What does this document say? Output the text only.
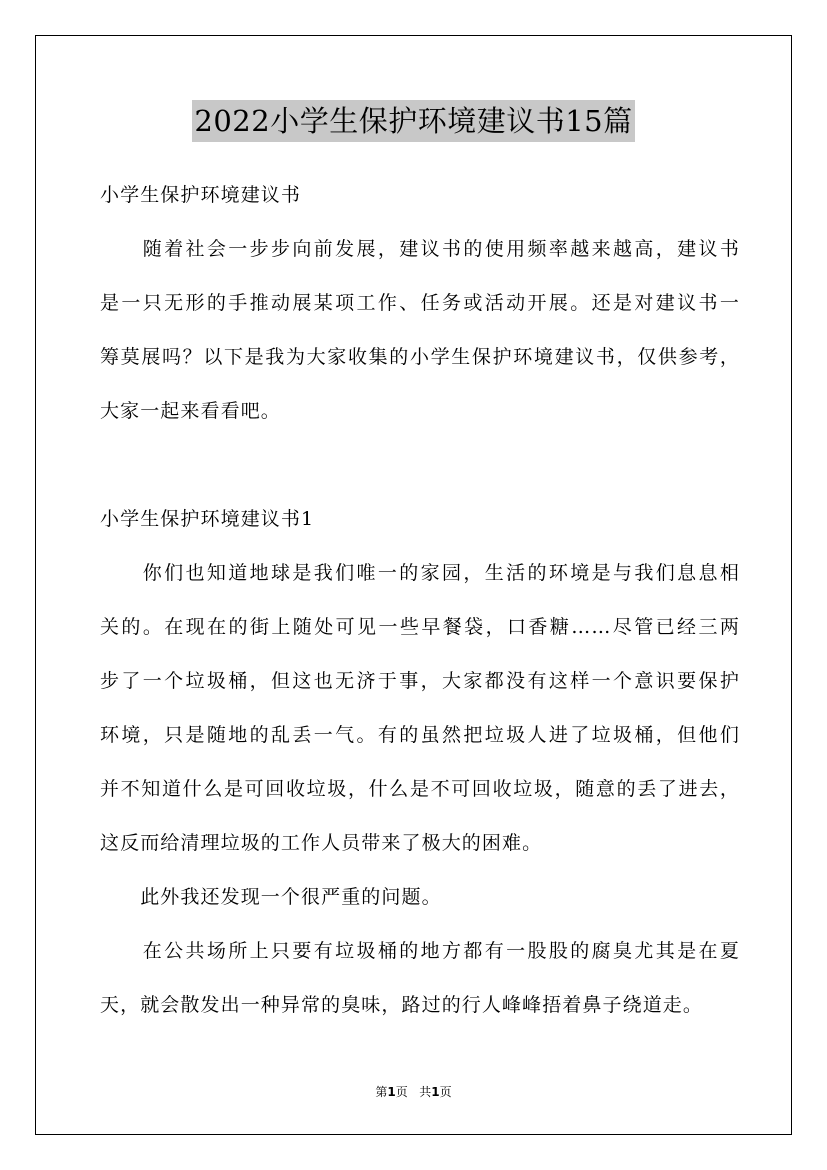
2022小学生保护环境建议书15篇
小学生保护环境建议书
　　随着社会一步步向前发展，建议书的使用频率越来越高，建议书
是一只无形的手推动展某项工作、任务或活动开展。还是对建议书一
筹莫展吗？以下是我为大家收集的小学生保护环境建议书，仅供参考，
大家一起来看看吧。
小学生保护环境建议书1
　　你们也知道地球是我们唯一的家园，生活的环境是与我们息息相
关的。在现在的街上随处可见一些早餐袋，口香糖……尽管已经三两
步了一个垃圾桶，但这也无济于事，大家都没有这样一个意识要保护
环境，只是随地的乱丢一气。有的虽然把垃圾人进了垃圾桶，但他们
并不知道什么是可回收垃圾，什么是不可回收垃圾，随意的丢了进去，
这反而给清理垃圾的工作人员带来了极大的困难。
　　此外我还发现一个很严重的问题。
　　在公共场所上只要有垃圾桶的地方都有一股股的腐臭尤其是在夏
天，就会散发出一种异常的臭味，路过的行人峰峰捂着鼻子绕道走。
第1页 共1页
